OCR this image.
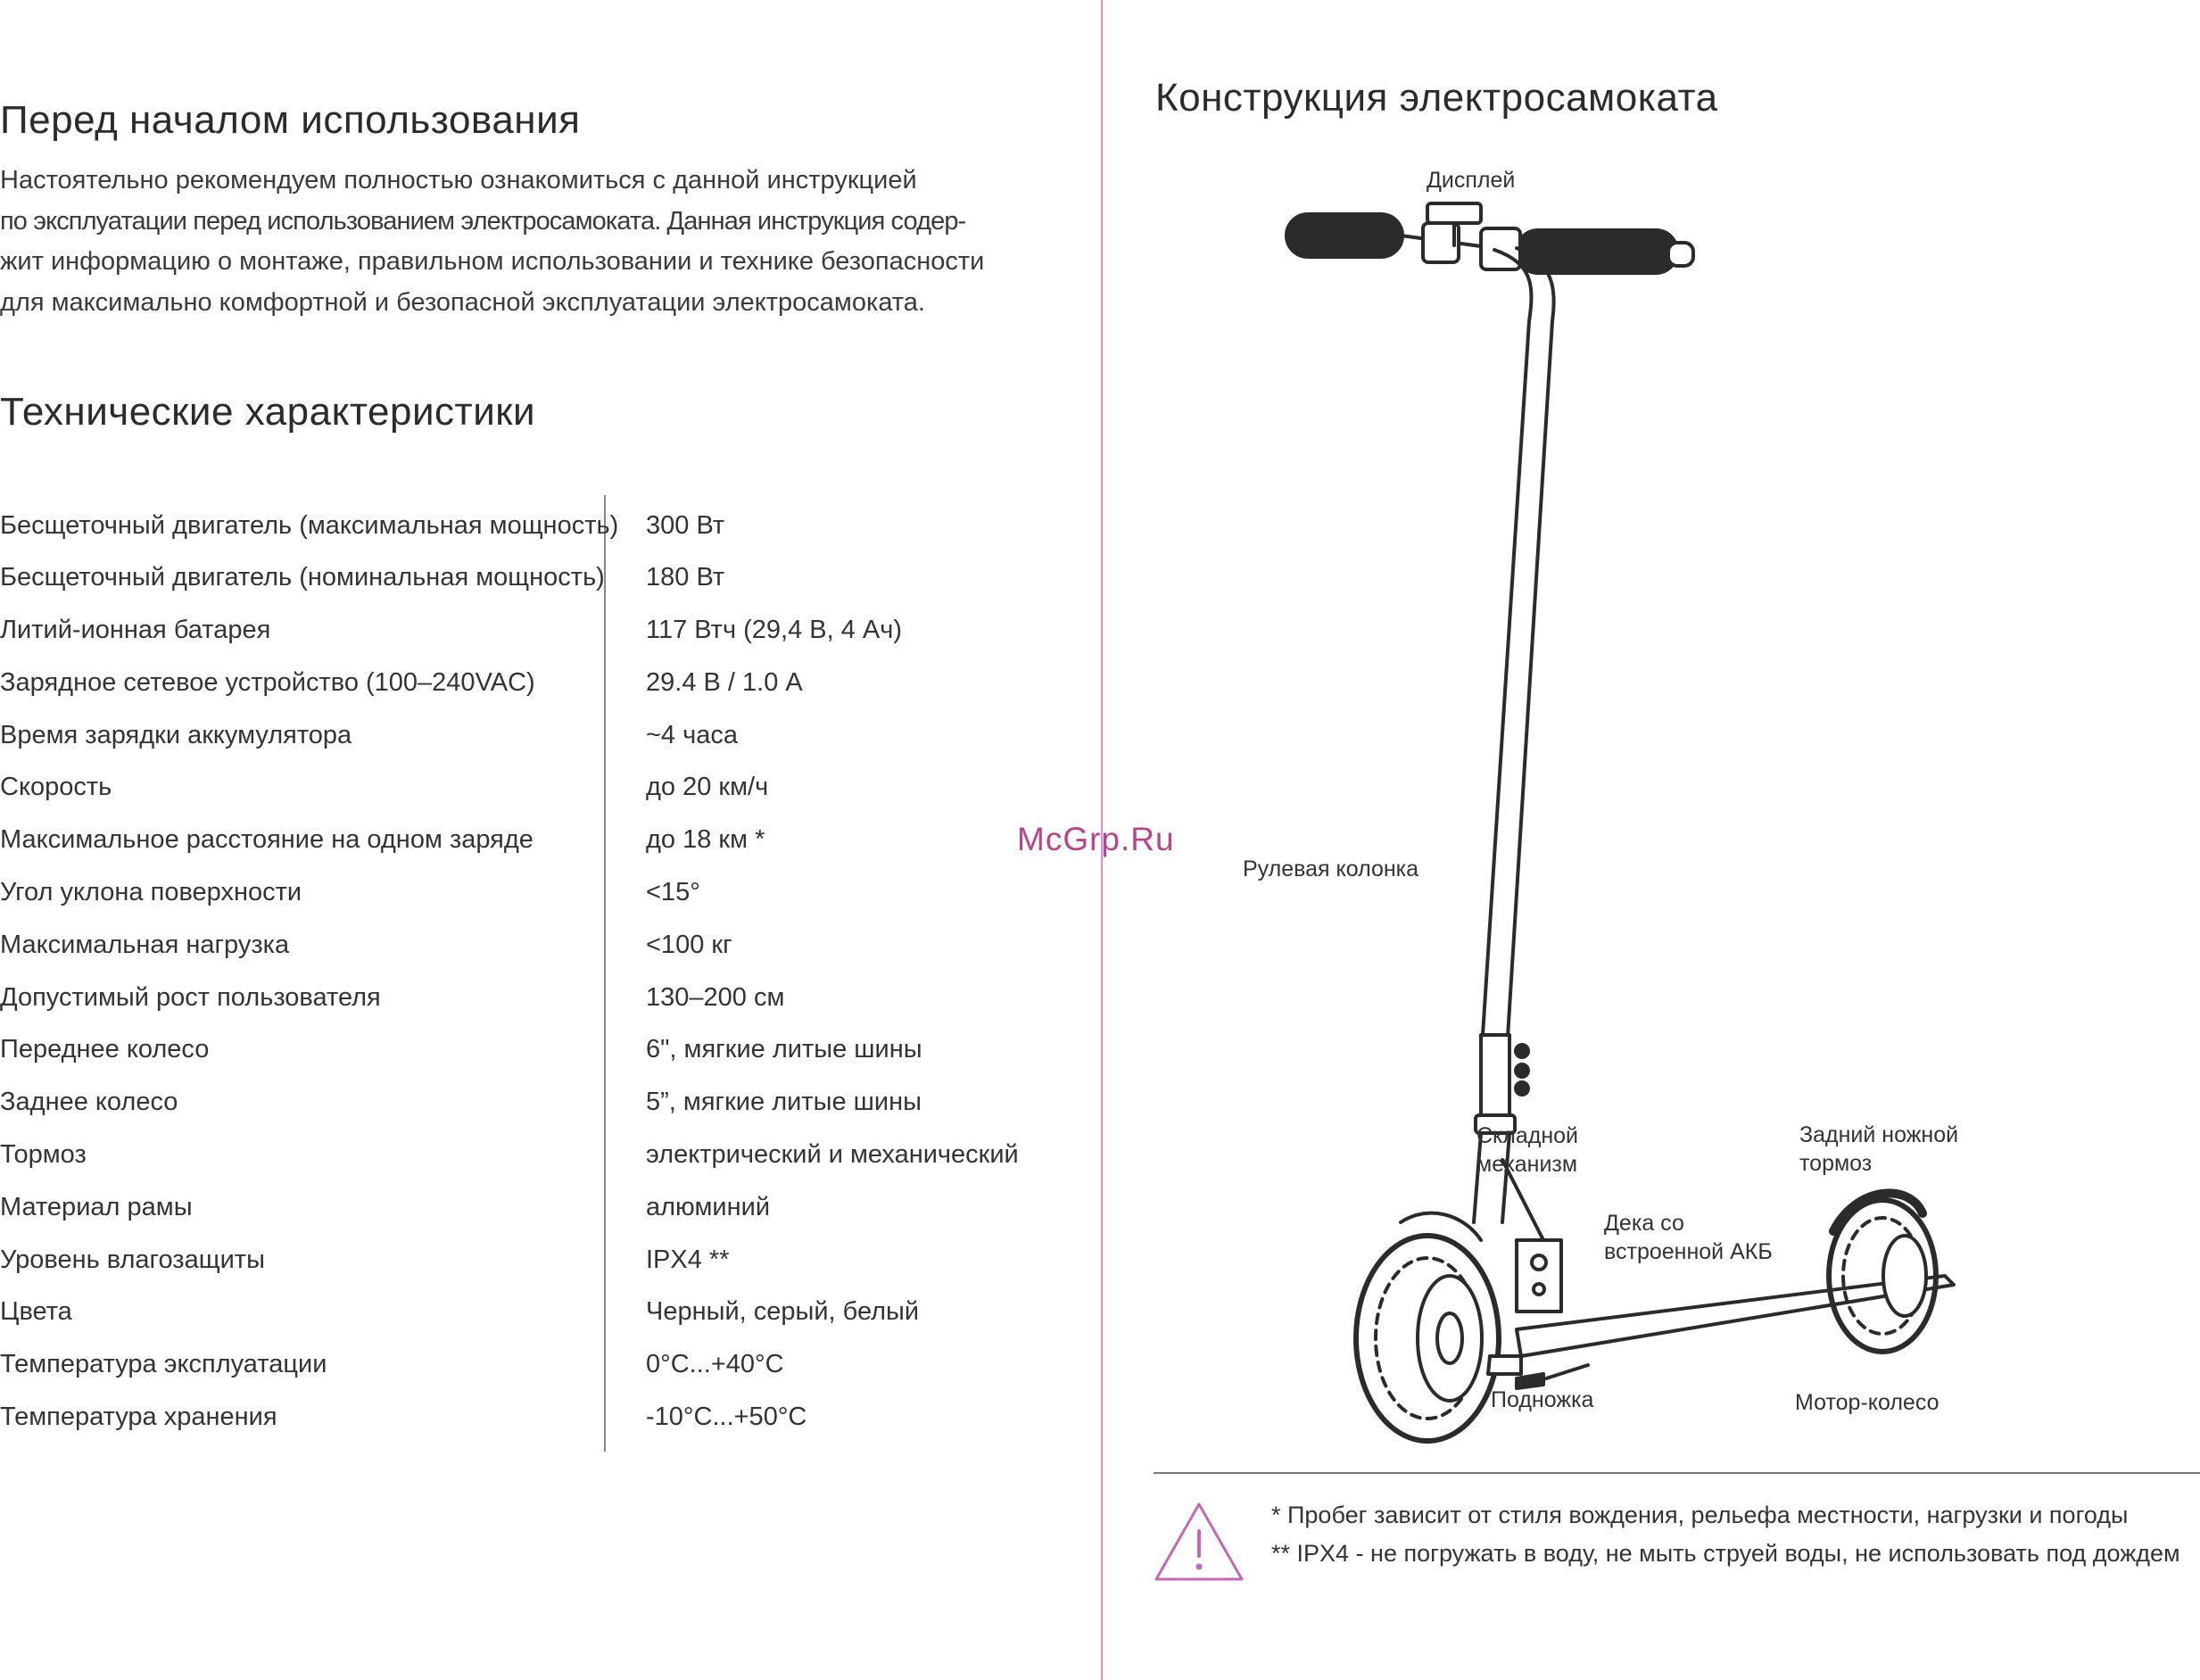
Перед началом использования

Настоятельно рекомендуем полностью ознакомиться с данной инструкцией

по эксплуатации перед использованием электросамоката. Данная инструкция содер-

жит информацию о монтаже, правильном использовании и технике безопасности

для максимально комфортной и безопасной эксплуатации электросамоката.

Технические характеристики
Бесщеточный двигатель (максимальная мощность) 300 Вт
Бесщеточный двигатель (номинальная мощность) 180 Вт
Литий-ионная батарея	117 Втч (29,4 В, 4 Ач)
Зарядное сетевое устройство (100–240VAC)	29.4 В / 1.0 А
Время зарядки аккумулятора	~4 часа
Скорость	до 20 км/ч
Максимальное расстояние на одном заряде	до 18 км *
Угол уклона поверхности	<15°
Максимальная нагрузка	<100 кг
Допустимый рост пользователя	130–200 см
Переднее колесо	6", мягкие литые шины
Заднее колесо	5”, мягкие литые шины
Тормоз	электрический и механический
Материал рамы	алюминий
Уровень влагозащиты	IPX4 **
Цвета	Черный, серый, белый
Температура эксплуатации	0°С...+40°С
Температура хранения	-10°С...+50°С
Конструкция электросамоката
Дисплей
Рулевая колонка
Складной
механизм
Задний ножной
тормоз
Дека со
встроенной АКБ
Подножка	Мотор-колесо
McGrp.Ru
* Пробег зависит от стиля вождения, рельефа местности, нагрузки и погоды
** IPX4 - не погружать в воду, не мыть струей воды, не использовать под дождем
